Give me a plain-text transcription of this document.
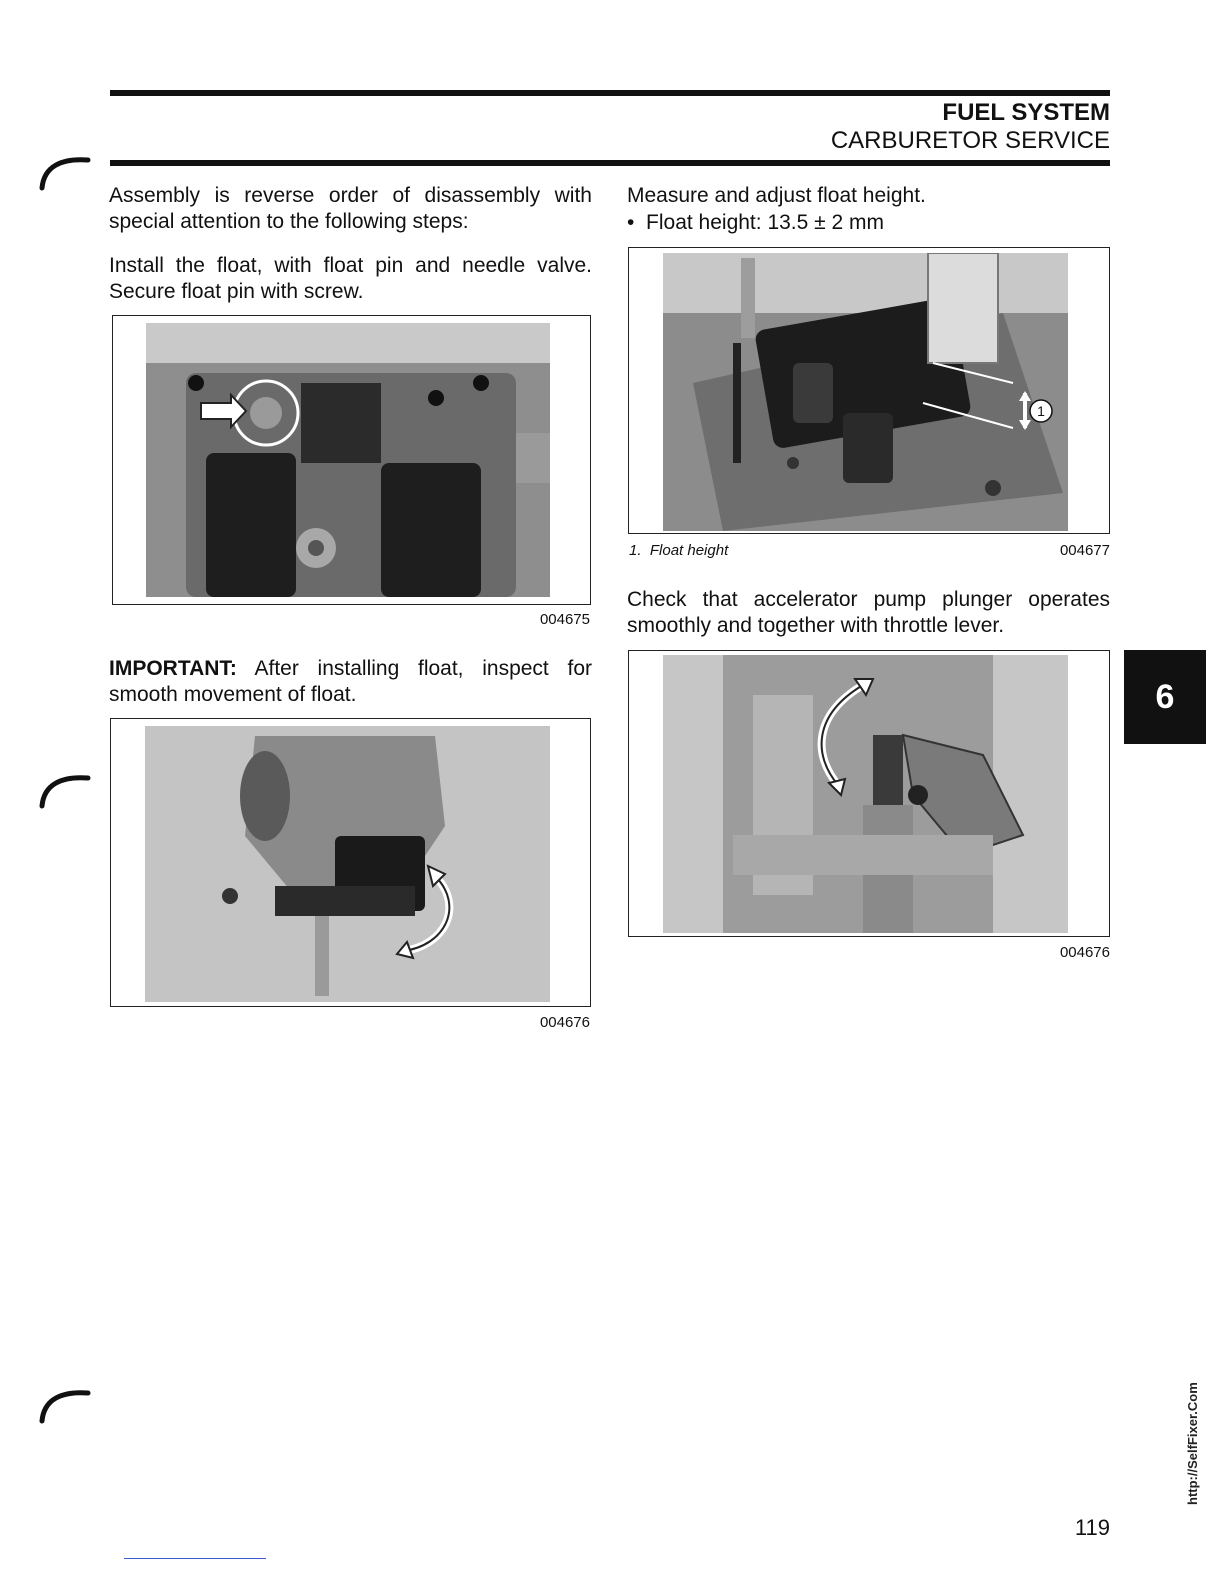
FUEL SYSTEM
CARBURETOR SERVICE
Assembly is reverse order of disassembly with special attention to the following steps:
Install the float, with float pin and needle valve. Secure float pin with screw.
004675
IMPORTANT: After installing float, inspect for smooth movement of float.
004676
Measure and adjust float height.
•  Float height: 13.5 ± 2 mm
1
1. Float height	004677
Check that accelerator pump plunger operates smoothly and together with throttle lever.
004676
6
http://SelfFixer.Com
119
